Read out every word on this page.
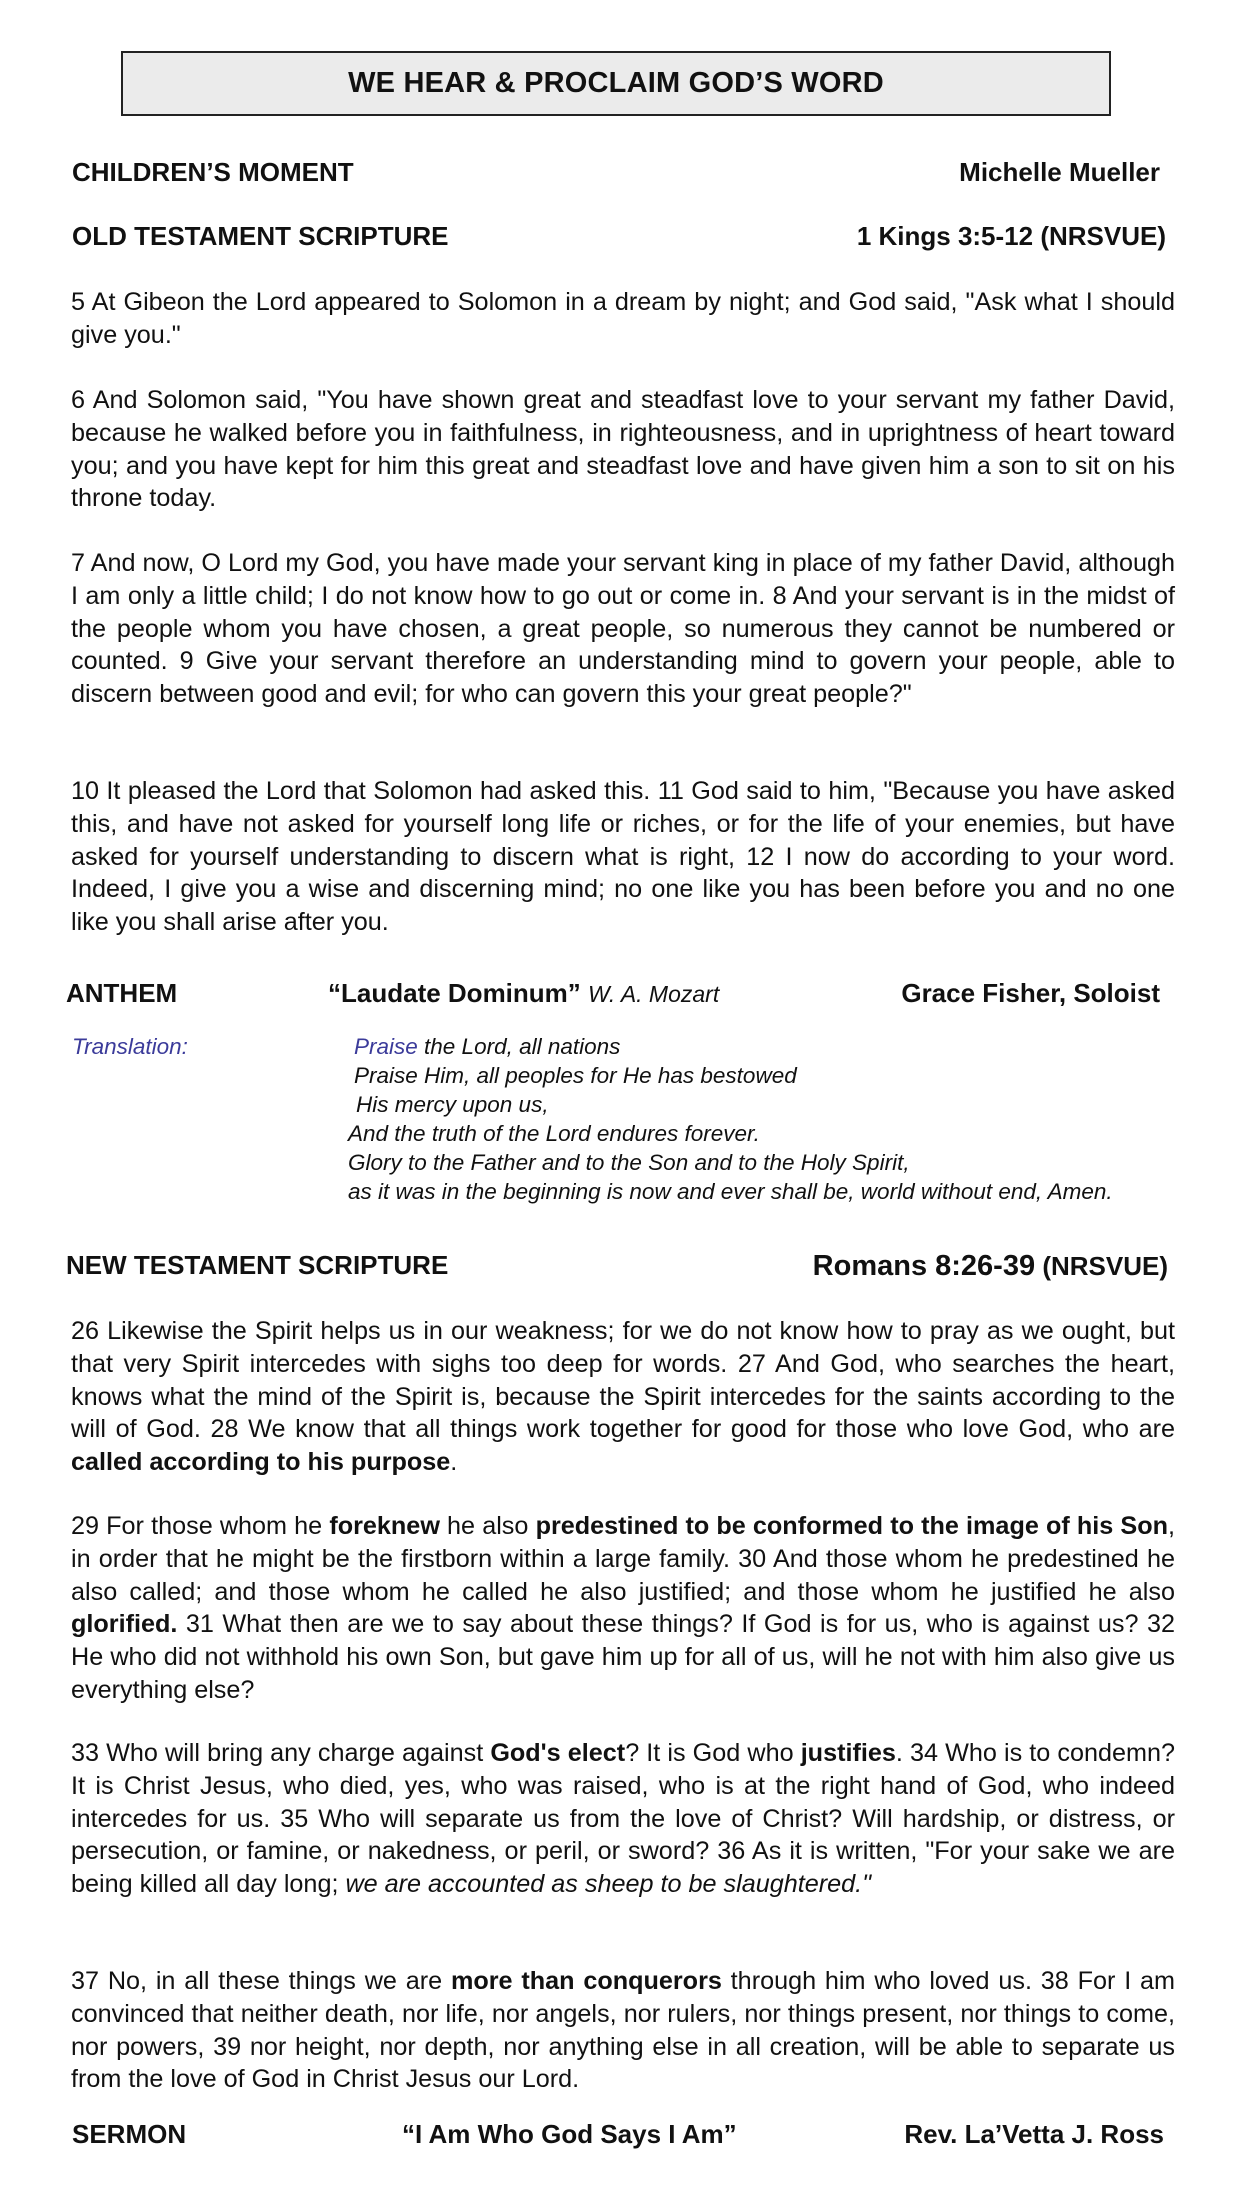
WE HEAR & PROCLAIM GOD’S WORD
CHILDREN’S MOMENT	Michelle Mueller
OLD TESTAMENT SCRIPTURE	1 Kings 3:5-12 (NRSVUE)

5 At Gibeon the Lord appeared to Solomon in a dream by night; and God said, "Ask what I should give you."

6 And Solomon said, "You have shown great and steadfast love to your servant my father David, because he walked before you in faithfulness, in righteousness, and in uprightness of heart toward you; and you have kept for him this great and steadfast love and have given him a son to sit on his throne today.

7 And now, O Lord my God, you have made your servant king in place of my father David, although I am only a little child; I do not know how to go out or come in. 8 And your servant is in the midst of the people whom you have chosen, a great people, so numerous they cannot be numbered or counted. 9 Give your servant therefore an understanding mind to govern your people, able to discern between good and evil; for who can govern this your great people?"

10 It pleased the Lord that Solomon had asked this. 11 God said to him, "Because you have asked this, and have not asked for yourself long life or riches, or for the life of your enemies, but have asked for yourself understanding to discern what is right, 12 I now do according to your word. Indeed, I give you a wise and discerning mind; no one like you has been before you and no one like you shall arise after you.

ANTHEM	“Laudate Dominum” W. A. Mozart	Grace Fisher, Soloist
Translation:	Praise the Lord, all nations
Praise Him, all peoples for He has bestowed
His mercy upon us,
And the truth of the Lord endures forever.
Glory to the Father and to the Son and to the Holy Spirit,
as it was in the beginning is now and ever shall be, world without end, Amen.
NEW TESTAMENT SCRIPTURE	Romans 8:26-39 (NRSVUE)

26 Likewise the Spirit helps us in our weakness; for we do not know how to pray as we ought, but that very Spirit intercedes with sighs too deep for words. 27 And God, who searches the heart, knows what the mind of the Spirit is, because the Spirit intercedes for the saints according to the will of God. 28 We know that all things work together for good for those who love God, who are called according to his purpose.

29 For those whom he foreknew he also predestined to be conformed to the image of his Son, in order that he might be the firstborn within a large family. 30 And those whom he predestined he also called; and those whom he called he also justified; and those whom he justified he also glorified. 31 What then are we to say about these things? If God is for us, who is against us? 32 He who did not withhold his own Son, but gave him up for all of us, will he not with him also give us everything else?

33 Who will bring any charge against God's elect? It is God who justifies. 34 Who is to condemn? It is Christ Jesus, who died, yes, who was raised, who is at the right hand of God, who indeed intercedes for us. 35 Who will separate us from the love of Christ? Will hardship, or distress, or persecution, or famine, or nakedness, or peril, or sword? 36 As it is written, "For your sake we are being killed all day long; we are accounted as sheep to be slaughtered."

37 No, in all these things we are more than conquerors through him who loved us. 38 For I am convinced that neither death, nor life, nor angels, nor rulers, nor things present, nor things to come, nor powers, 39 nor height, nor depth, nor anything else in all creation, will be able to separate us from the love of God in Christ Jesus our Lord.

SERMON	“I Am Who God Says I Am”	Rev. La’Vetta J. Ross
